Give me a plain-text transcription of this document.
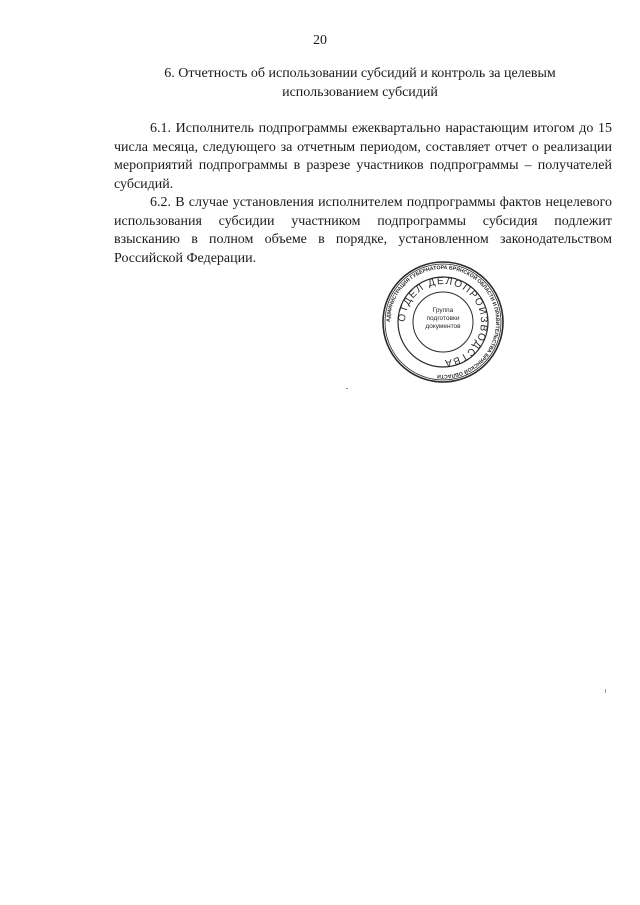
20
6. Отчетность об использовании субсидий и контроль за целевым
использованием субсидий

6.1. Исполнитель подпрограммы ежеквартально нарастающим итогом до 15 числа месяца, следующего за отчетным периодом, составляет отчет о реализации мероприятий подпрограммы в разрезе участников подпрограммы – получателей субсидий.

6.2. В случае установления исполнителем подпрограммы фактов нецелевого использования субсидии участником подпрограммы субсидия подлежит взысканию в полном объеме в порядке, установленном законодательством Российской Федерации.

АДМИНИСТРАЦИЯ ГУБЕРНАТОРА БРЯНСКОЙ ОБЛАСТИ И ПРАВИТЕЛЬСТВА БРЯНСКОЙ ОБЛАСТИ
ОТДЕЛ ДЕЛОПРОИЗВОДСТВА
Группа подготовки документов
